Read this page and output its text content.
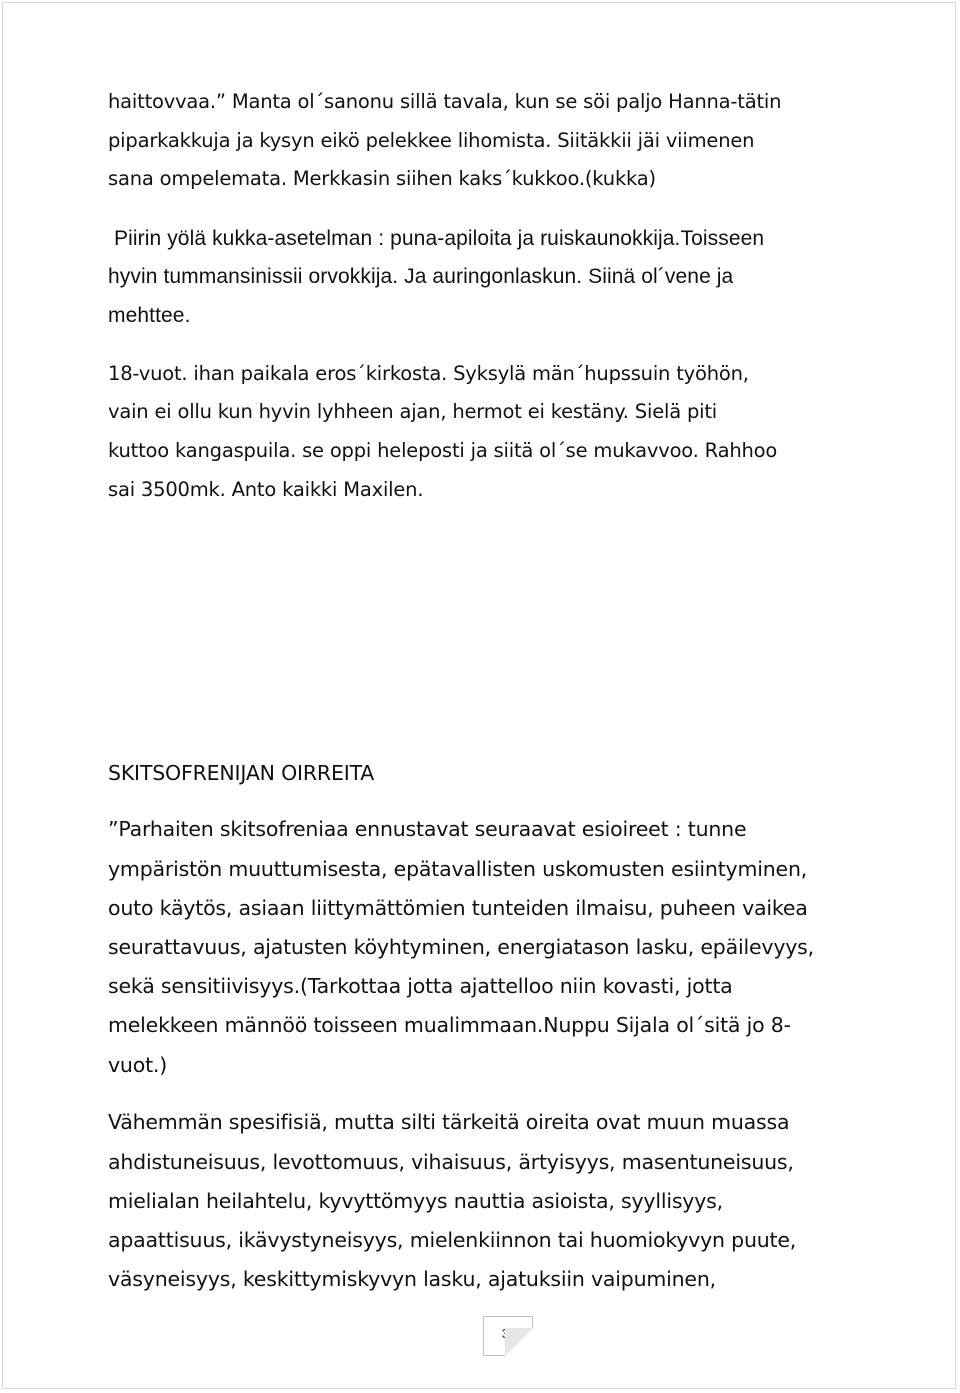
haittovvaa.” Manta ol´sanonu sillä tavala, kun se söi paljo Hanna-tätin
piparkakkuja ja kysyn eikö pelekkee lihomista. Siitäkkii jäi viimenen
sana ompelemata. Merkkasin siihen kaks´kukkoo.(kukka)
Piirin yölä kukka-asetelman : puna-apiloita ja ruiskaunokkija.Toisseen
hyvin tummansinissii orvokkija. Ja auringonlaskun. Siinä ol´vene ja
mehttee.
18-vuot. ihan paikala eros´kirkosta. Syksylä män´hupssuin työhön,
vain ei ollu kun hyvin lyhheen ajan, hermot ei kestäny. Sielä piti
kuttoo kangaspuila. se oppi heleposti ja siitä ol´se mukavvoo. Rahhoo
sai 3500mk. Anto kaikki Maxilen.
SKITSOFRENIJAN OIRREITA
”Parhaiten skitsofreniaa ennustavat seuraavat esioireet : tunne
ympäristön muuttumisesta, epätavallisten uskomusten esiintyminen,
outo käytös, asiaan liittymättömien tunteiden ilmaisu, puheen vaikea
seurattavuus, ajatusten köyhtyminen, energiatason lasku, epäilevyys,
sekä sensitiivisyys.(Tarkottaa jotta ajattelloo niin kovasti, jotta
melekkeen männöö toisseen mualimmaan.Nuppu Sijala ol´sitä jo 8-
vuot.)
Vähemmän spesifisiä, mutta silti tärkeitä oireita ovat muun muassa
ahdistuneisuus, levottomuus, vihaisuus, ärtyisyys, masentuneisuus,
mielialan heilahtelu, kyvyttömyys nauttia asioista, syyllisyys,
apaattisuus, ikävystyneisyys, mielenkiinnon tai huomiokyvyn puute,
väsyneisyys, keskittymiskyvyn lasku, ajatuksiin vaipuminen,
37
